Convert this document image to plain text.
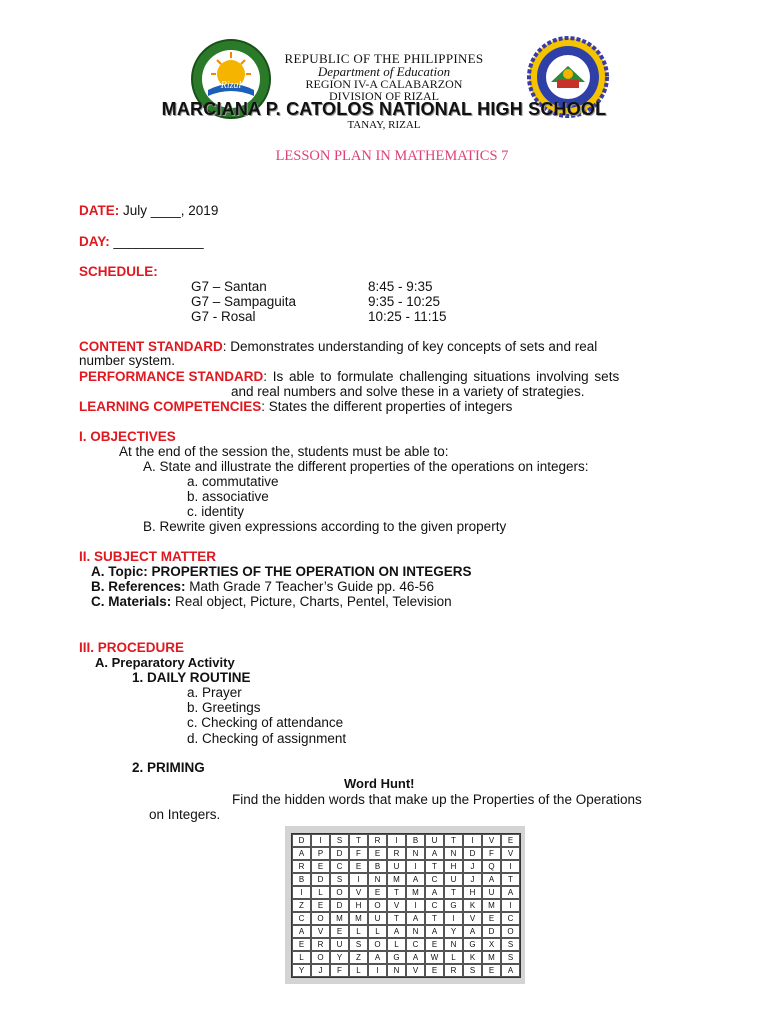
Rizal
REPUBLIC OF THE PHILIPPINES
Department of Education
REGION IV-A CALABARZON
DIVISION OF RIZAL
MARCIANA P. CATOLOS NATIONAL HIGH SCHOOL
TANAY, RIZAL
LESSON PLAN IN MATHEMATICS 7
DATE: July ____, 2019
DAY: ____________
SCHEDULE:
G7 – Santan	8:45 - 9:35
G7 – Sampaguita	9:35 - 10:25
G7 - Rosal	10:25 - 11:15
CONTENT STANDARD: Demonstrates understanding of key concepts of sets and real
number system.
PERFORMANCE STANDARD: Is able to formulate challenging situations involving sets
and real numbers and solve these in a variety of strategies.
LEARNING COMPETENCIES: States the different properties of integers
I. OBJECTIVES
At the end of the session the, students must be able to:
A. State and illustrate the different properties of the operations on integers:
a. commutative
b. associative
c. identity
B. Rewrite given expressions according to the given property
II. SUBJECT MATTER
A. Topic: PROPERTIES OF THE OPERATION ON INTEGERS
B. References: Math Grade 7 Teacher’s Guide pp. 46-56
C. Materials: Real object, Picture, Charts, Pentel, Television
III. PROCEDURE
A. Preparatory Activity
1. DAILY ROUTINE
a. Prayer
b. Greetings
c. Checking of attendance
d. Checking of assignment
2. PRIMING
Word Hunt!
Find the hidden words that make up the Properties of the Operations
on Integers.
D	I	S	T	R	I	B	U	T	I	V	E
A	P	D	F	E	R	N	A	N	D	F	V
R	E	C	E	B	U	I	T	H	J	Q	I
B	D	S	I	N	M	A	C	U	J	A	T
I	L	O	V	E	T	M	A	T	H	U	A
Z	E	D	H	O	V	I	C	G	K	M	I
C	O	M	M	U	T	A	T	I	V	E	C
A	V	E	L	L	A	N	A	Y	A	D	O
E	R	U	S	O	L	C	E	N	G	X	S
L	O	Y	Z	A	G	A	W	L	K	M	S
Y	J	F	L	I	N	V	E	R	S	E	A
